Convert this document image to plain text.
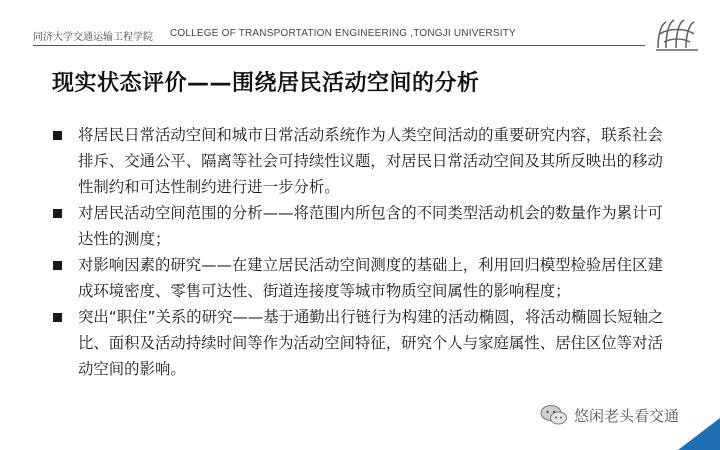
同济大学交通运输工程学院 COLLEGE OF TRANSPORTATION ENGINEERING ,TONGJI UNIVERSITY
现实状态评价——围绕居民活动空间的分析
将居民日常活动空间和城市日常活动系统作为人类空间活动的重要研究内容，联系社会排斥、交通公平、隔离等社会可持续性议题，对居民日常活动空间及其所反映出的移动性制约和可达性制约进行进一步分析。
对居民活动空间范围的分析——将范围内所包含的不同类型活动机会的数量作为累计可达性的测度；
对影响因素的研究——在建立居民活动空间测度的基础上，利用回归模型检验居住区建成环境密度、零售可达性、街道连接度等城市物质空间属性的影响程度；
突出“职住”关系的研究——基于通勤出行链行为构建的活动椭圆，将活动椭圆长短轴之比、面积及活动持续时间等作为活动空间特征，研究个人与家庭属性、居住区位等对活动空间的影响。
悠闲老头看交通
